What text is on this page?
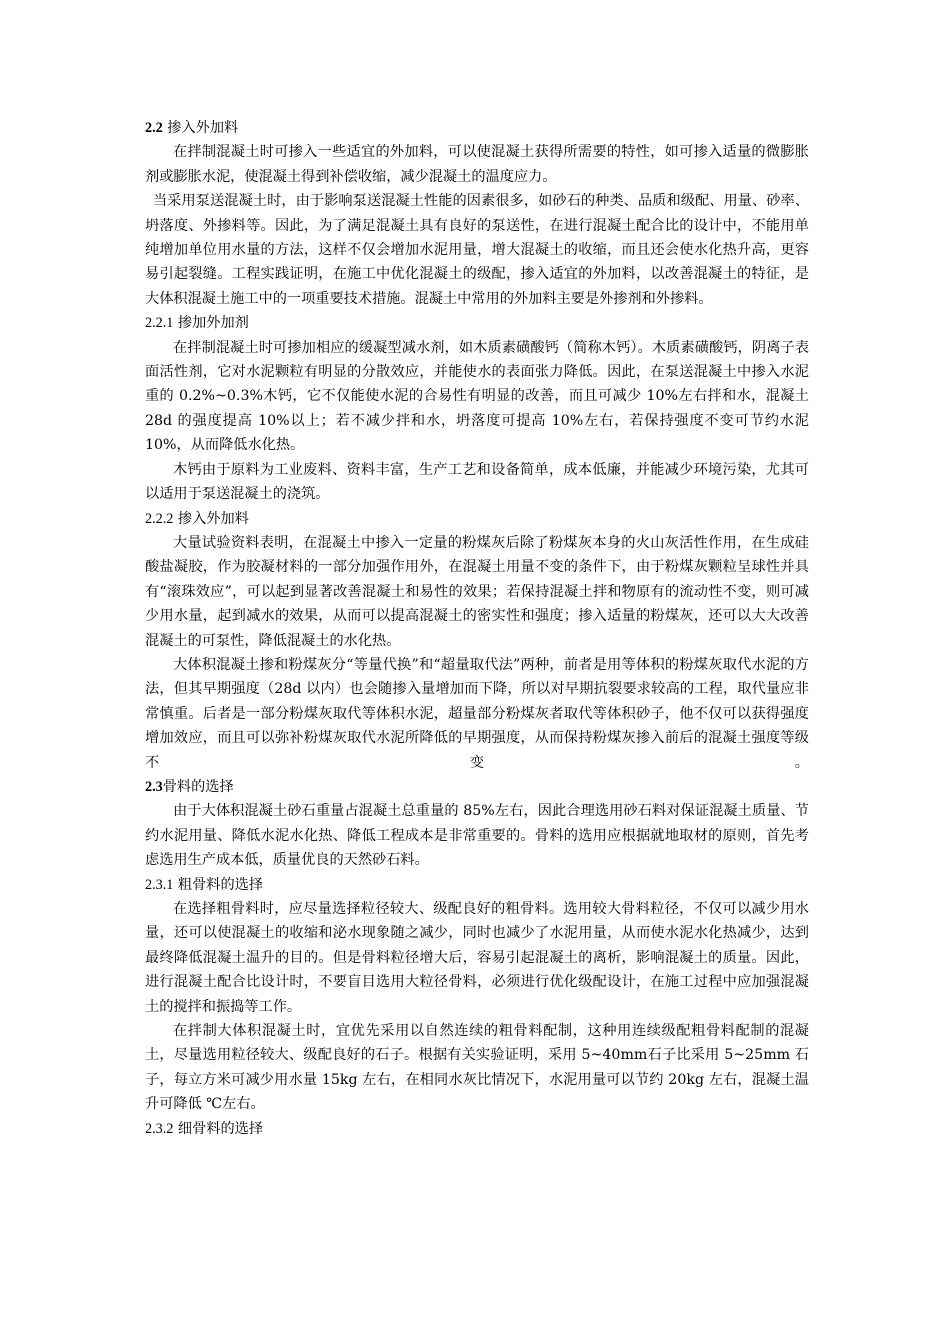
2.2 掺入外加料

在拌制混凝土时可掺入一些适宜的外加料，可以使混凝土获得所需要的特性，如可掺入适量的微膨胀剂或膨胀水泥，使混凝土得到补偿收缩，减少混凝土的温度应力。

当采用泵送混凝土时，由于影响泵送混凝土性能的因素很多，如砂石的种类、品质和级配、用量、砂率、坍落度、外掺料等。因此，为了满足混凝土具有良好的泵送性，在进行混凝土配合比的设计中，不能用单纯增加单位用水量的方法，这样不仅会增加水泥用量，增大混凝土的收缩，而且还会使水化热升高，更容易引起裂缝。工程实践证明，在施工中优化混凝土的级配，掺入适宜的外加料，以改善混凝土的特征，是大体积混凝土施工中的一项重要技术措施。混凝土中常用的外加料主要是外掺剂和外掺料。

2.2.1 掺加外加剂

在拌制混凝土时可掺加相应的缓凝型减水剂，如木质素磺酸钙（简称木钙）。木质素磺酸钙，阴离子表面活性剂，它对水泥颗粒有明显的分散效应，并能使水的表面张力降低。因此，在泵送混凝土中掺入水泥重的 0.2%~0.3%木钙，它不仅能使水泥的合易性有明显的改善，而且可减少 10%左右拌和水，混凝土 28d 的强度提高 10%以上；若不减少拌和水，坍落度可提高 10%左右，若保持强度不变可节约水泥 10%，从而降低水化热。

木钙由于原料为工业废料、资料丰富，生产工艺和设备简单，成本低廉，并能减少环境污染，尤其可以适用于泵送混凝土的浇筑。

2.2.2 掺入外加料

大量试验资料表明，在混凝土中掺入一定量的粉煤灰后除了粉煤灰本身的火山灰活性作用，在生成硅酸盐凝胶，作为胶凝材料的一部分加强作用外，在混凝土用量不变的条件下，由于粉煤灰颗粒呈球性并具有“滚珠效应”，可以起到显著改善混凝土和易性的效果；若保持混凝土拌和物原有的流动性不变，则可减少用水量，起到减水的效果，从而可以提高混凝土的密实性和强度；掺入适量的粉煤灰，还可以大大改善混凝土的可泵性，降低混凝土的水化热。

大体积混凝土掺和粉煤灰分“等量代换”和“超量取代法”两种，前者是用等体积的粉煤灰取代水泥的方法，但其早期强度（28d 以内）也会随掺入量增加而下降，所以对早期抗裂要求较高的工程，取代量应非常慎重。后者是一部分粉煤灰取代等体积水泥，超量部分粉煤灰者取代等体积砂子，他不仅可以获得强度增加效应，而且可以弥补粉煤灰取代水泥所降低的早期强度，从而保持粉煤灰掺入前后的混凝土强度等级不变。

2.3骨料的选择

由于大体积混凝土砂石重量占混凝土总重量的 85%左右，因此合理选用砂石料对保证混凝土质量、节约水泥用量、降低水泥水化热、降低工程成本是非常重要的。骨料的选用应根据就地取材的原则，首先考虑选用生产成本低，质量优良的天然砂石料。

2.3.1 粗骨料的选择

在选择粗骨料时，应尽量选择粒径较大、级配良好的粗骨料。选用较大骨料粒径，不仅可以减少用水量，还可以使混凝土的收缩和泌水现象随之减少，同时也减少了水泥用量，从而使水泥水化热减少，达到最终降低混凝土温升的目的。但是骨料粒径增大后，容易引起混凝土的离析，影响混凝土的质量。因此，进行混凝土配合比设计时，不要盲目选用大粒径骨料，必须进行优化级配设计，在施工过程中应加强混凝土的搅拌和振捣等工作。

在拌制大体积混凝土时，宜优先采用以自然连续的粗骨料配制，这种用连续级配粗骨料配制的混凝土，尽量选用粒径较大、级配良好的石子。根据有关实验证明，采用 5~40mm石子比采用 5~25mm 石子，每立方米可减少用水量 15kg 左右，在相同水灰比情况下，水泥用量可以节约 20kg 左右，混凝土温升可降低 ℃左右。

2.3.2 细骨料的选择
